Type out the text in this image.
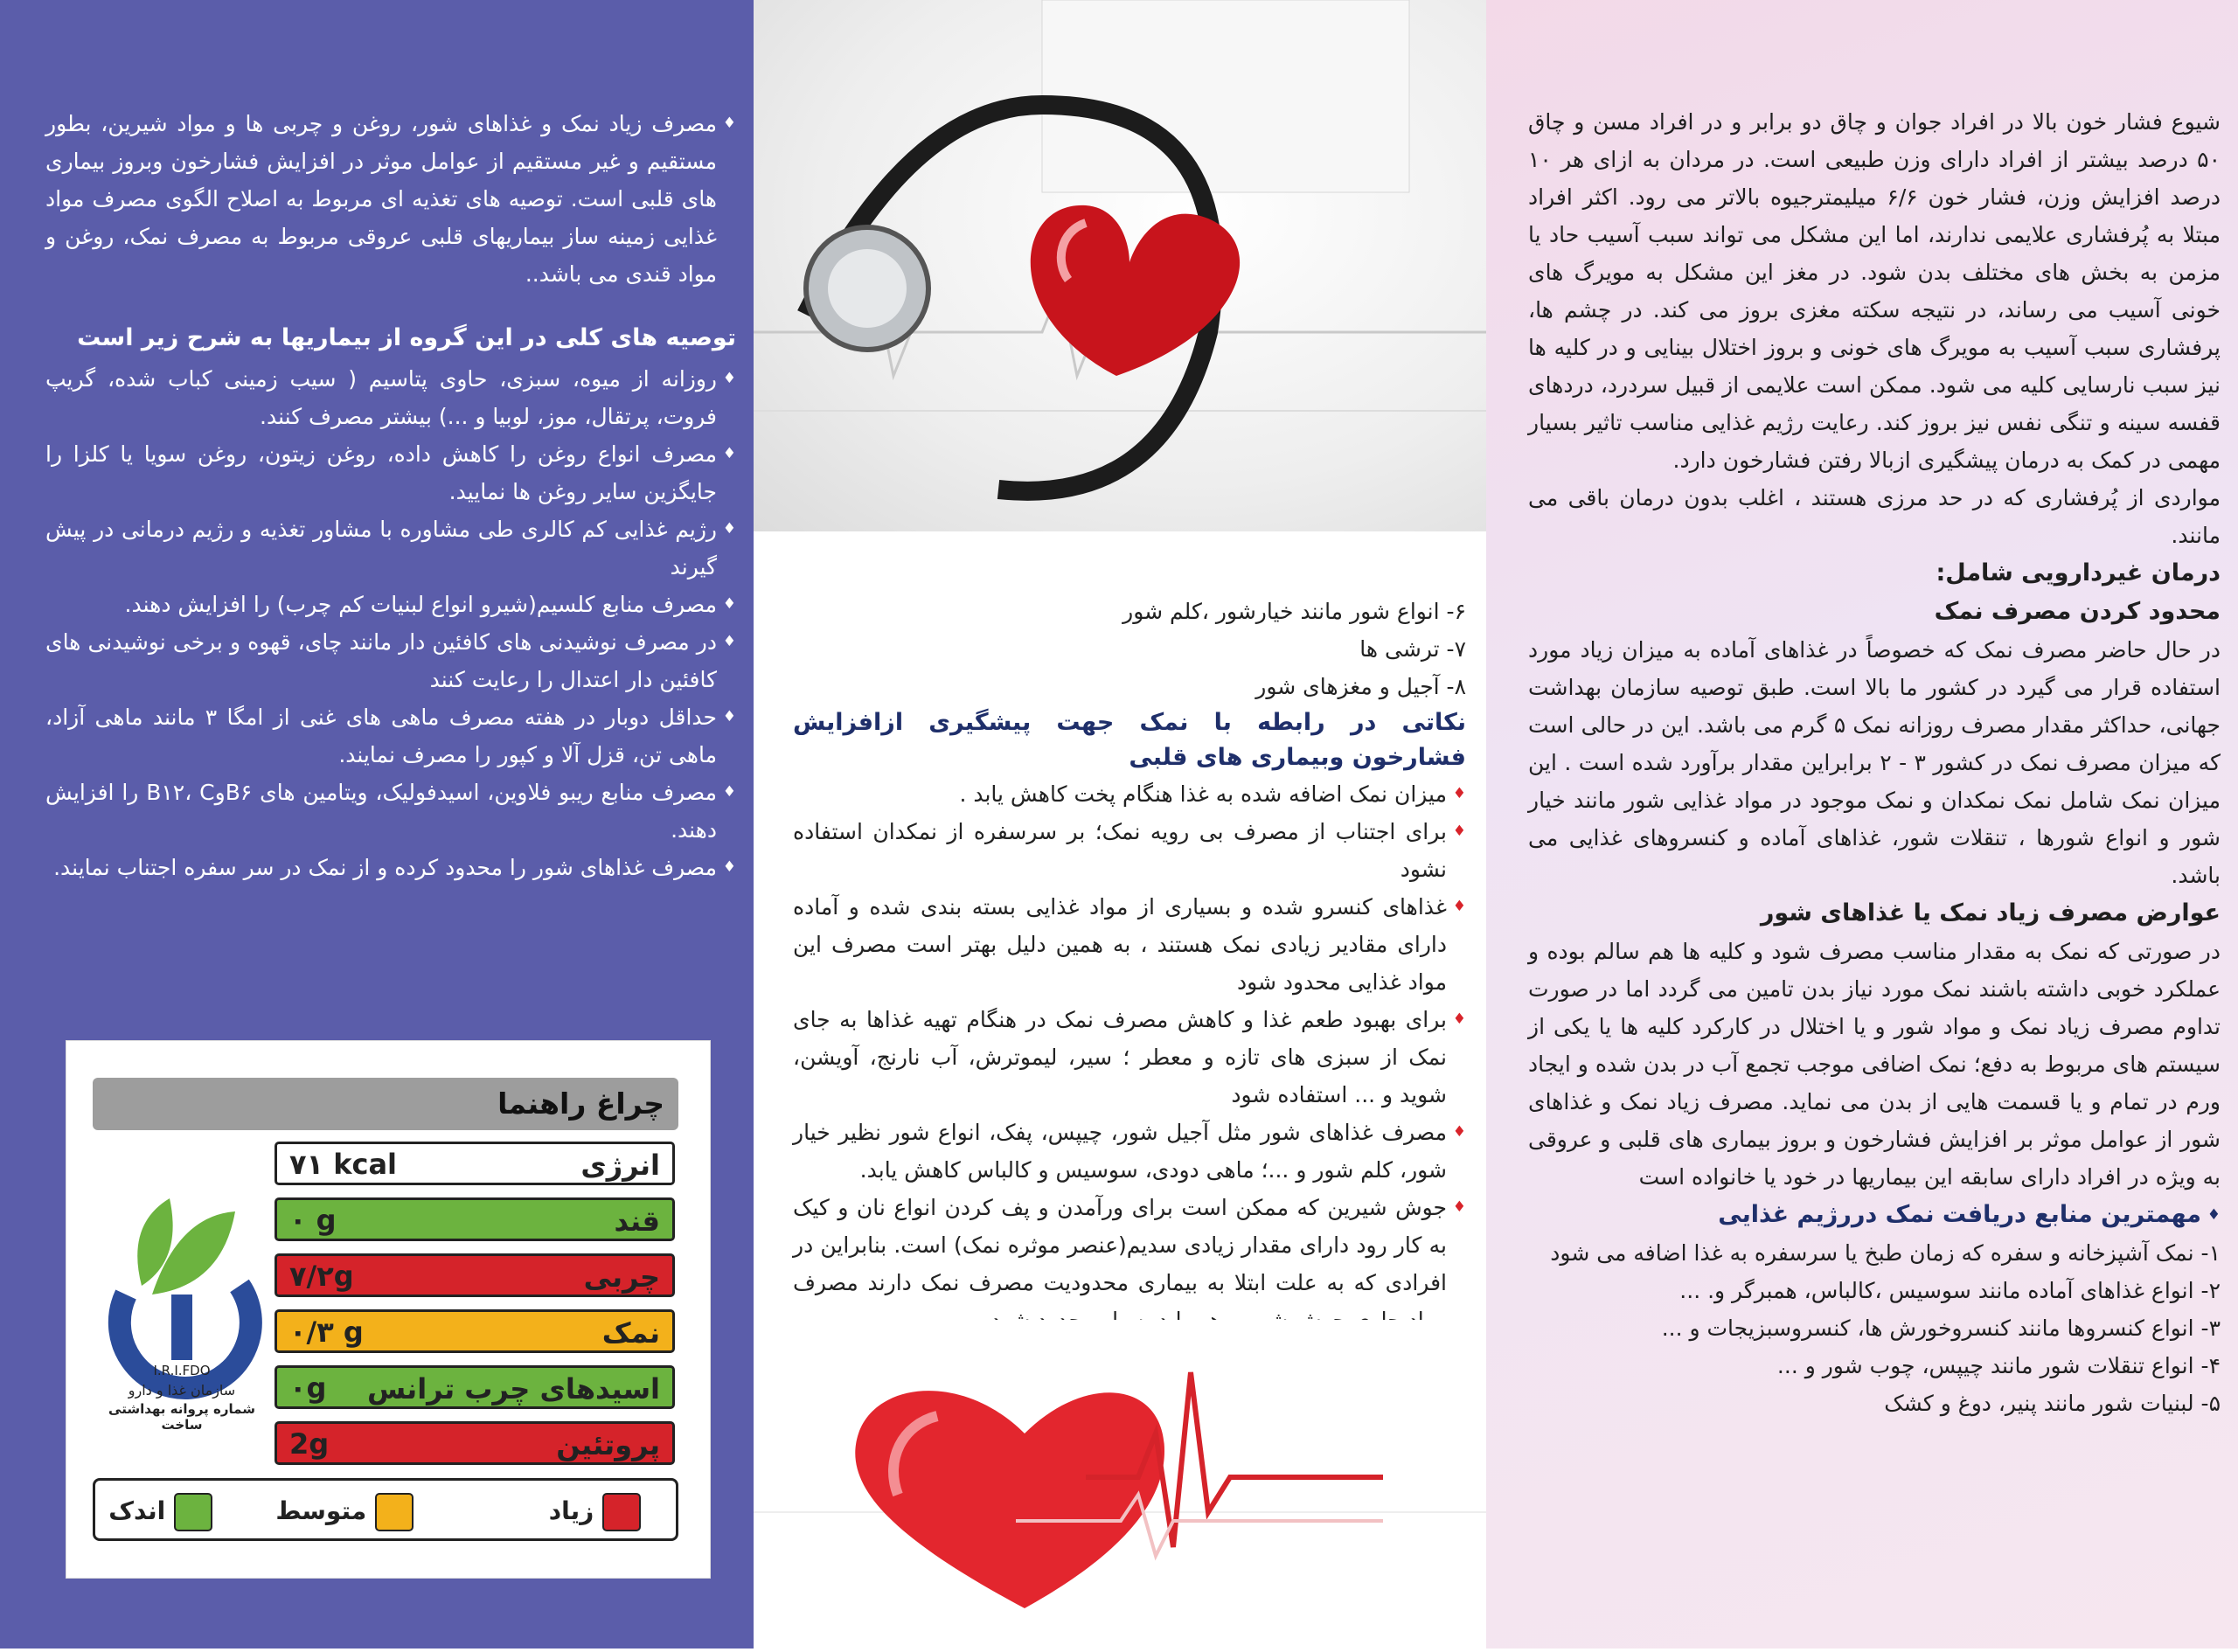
♦ مصرف زیاد نمک و غذاهای شور، روغن و چربی ها و مواد شیرین، بطور مستقیم و غیر مستقیم از عوامل موثر در افزایش فشارخون وبروز بیماری های قلبی است. توصیه های تغذیه ای مربوط به اصلاح الگوی مصرف مواد غذایی زمینه ساز بیماریهای قلبی عروقی مربوط به مصرف نمک، روغن و مواد قندی می باشد..
توصیه های کلی در این گروه از بیماریها به شرح زیر است
♦ روزانه از میوه، سبزی، حاوی پتاسیم ( سیب زمینی کباب شده، گریپ فروت، پرتقال، موز، لوبیا و ...) بیشتر مصرف کنند.
♦ مصرف انواع روغن را کاهش داده، روغن زیتون، روغن سویا یا کلزا را جایگزین سایر روغن ها نمایید.
♦ رژیم غذایی کم کالری طی مشاوره با مشاور تغذیه و رژیم درمانی در پیش گیرند
♦ مصرف منابع کلسیم(شیرو انواع لبنیات کم چرب) را افزایش دهند.
♦ در مصرف نوشیدنی های کافئین دار مانند چای، قهوه و برخی نوشیدنی های کافئین دار اعتدال را رعایت کنند
♦ حداقل دوبار در هفته مصرف ماهی های غنی از امگا ۳ مانند ماهی آزاد، ماهی تن، قزل آلا و کپور را مصرف نمایند.
♦ مصرف منابع ریبو فلاوین، اسیدفولیک، ویتامین های B۶وB۱۲، C را افزایش دهند.
♦ مصرف غذاهای شور را محدود کرده و از نمک در سر سفره اجتناب نمایند.
چراغ راهنما
I.R.I.FDO
سازمان غذا و دارو
شماره پروانه بهداشتی ساخت
انرژی
۷۱ kcal
قند
۰ g
چربی
۷/۲g
نمک
۰/۳ g
اسیدهای چرب ترانس
۰g
پروتئین
2g
زیاد
متوسط
اندک
۶- انواع شور مانند خیارشور ،کلم شور
۷- ترشی ها
۸- آجیل و مغزهای شور
نکاتی در رابطه با نمک جهت پیشگیری ازافزایش فشارخون وبیماری های قلبی
♦ میزان نمک اضافه شده به غذا هنگام پخت کاهش یابد .
♦ برای اجتناب از مصرف بی رویه نمک؛ بر سرسفره از نمکدان استفاده نشود
♦ غذاهای کنسرو شده و بسیاری از مواد غذایی بسته بندی شده و آماده دارای مقادیر زیادی نمک هستند ، به همین دلیل بهتر است مصرف این مواد غذایی محدود شود
♦ برای بهبود طعم غذا و کاهش مصرف نمک در هنگام تهیه غذاها به جای نمک از سبزی های تازه و معطر ؛ سیر، لیموترش، آب نارنج، آویشن، شوید و ... استفاده شود
♦ مصرف غذاهای شور مثل آجیل شور، چیپس، پفک، انواع شور نظیر خیار شور، کلم شور و ...؛ ماهی دودی، سوسیس و کالباس کاهش یابد.
♦ جوش شیرین که ممکن است برای ورآمدن و پف کردن انواع نان و کیک به کار رود دارای مقدار زیادی سدیم(عنصر موثره نمک) است. بنابراین در افرادی که به علت ابتلا به بیماری محدودیت مصرف نمک دارند مصرف
شیوع فشار خون بالا در افراد جوان و چاق دو برابر و در افراد مسن و چاق ۵۰ درصد بیشتر از افراد دارای وزن طبیعی است. در مردان به ازای هر ۱۰ درصد افزایش وزن، فشار خون ۶/۶ میلیمترجیوه بالاتر می رود. اکثر افراد مبتلا به پُرفشاری علایمی ندارند، اما این مشکل می تواند سبب آسیب حاد یا مزمن به بخش های مختلف بدن شود. در مغز این مشکل به مویرگ های خونی آسیب می رساند، در نتیجه سکته مغزی بروز می کند. در چشم ها، پرفشاری سبب آسیب به مویرگ های خونی و بروز اختلال بینایی و در کلیه ها نیز سبب نارسایی کلیه می شود. ممکن است علایمی از قبیل سردرد، دردهای قفسه سینه و تنگی نفس نیز بروز کند. رعایت رژیم غذایی مناسب تاثیر بسیار مهمی در کمک به درمان پیشگیری ازبالا رفتن فشارخون دارد.
مواردی از پُرفشاری که در حد مرزی هستند ، اغلب بدون درمان باقی می مانند.
درمان غیردارویی شامل:
محدود کردن مصرف نمک
در حال حاضر مصرف نمک که خصوصاً در غذاهای آماده به میزان زیاد مورد استفاده قرار می گیرد در کشور ما بالا است. طبق توصیه سازمان بهداشت جهانی، حداکثر مقدار مصرف روزانه نمک ۵ گرم می باشد. این در حالی است که میزان مصرف نمک در کشور ۳ - ۲ برابراین مقدار برآورد شده است . این میزان نمک شامل نمک نمکدان و نمک موجود در مواد غذایی شور مانند خیار شور و انواع شورها ، تنقلات شور، غذاهای آماده و کنسروهای غذایی می باشد.
عوارض مصرف زیاد نمک یا غذاهای شور
در صورتی که نمک به مقدار مناسب مصرف شود و کلیه ها هم سالم بوده و عملکرد خوبی داشته باشند نمک مورد نیاز بدن تامین می گردد اما در صورت تداوم مصرف زیاد نمک و مواد شور و یا اختلال در کارکرد کلیه ها یا یکی از سیستم های مربوط به دفع؛ نمک اضافی موجب تجمع آب در بدن شده و ایجاد ورم در تمام و یا قسمت هایی از بدن می نماید. مصرف زیاد نمک و غذاهای شور از عوامل موثر بر افزایش فشارخون و بروز بیماری های قلبی و عروقی به ویژه در افراد دارای سابقه این بیماریها در خود یا خانواده است
♦ مهمترین منابع دریافت نمک دررژیم غذایی
۱- نمک آشپزخانه و سفره که زمان طبخ یا سرسفره به غذا اضافه می شود
۲- انواع غذاهای آماده مانند سوسیس ،کالباس، همبرگر و. ...
۳- انواع کنسروها مانند کنسروخورش ها، کنسروسبزیجات و ...
۴- انواع تنقلات شور مانند چیپس، چوب شور و ...
۵- لبنیات شور مانند پنیر، دوغ و کشک
